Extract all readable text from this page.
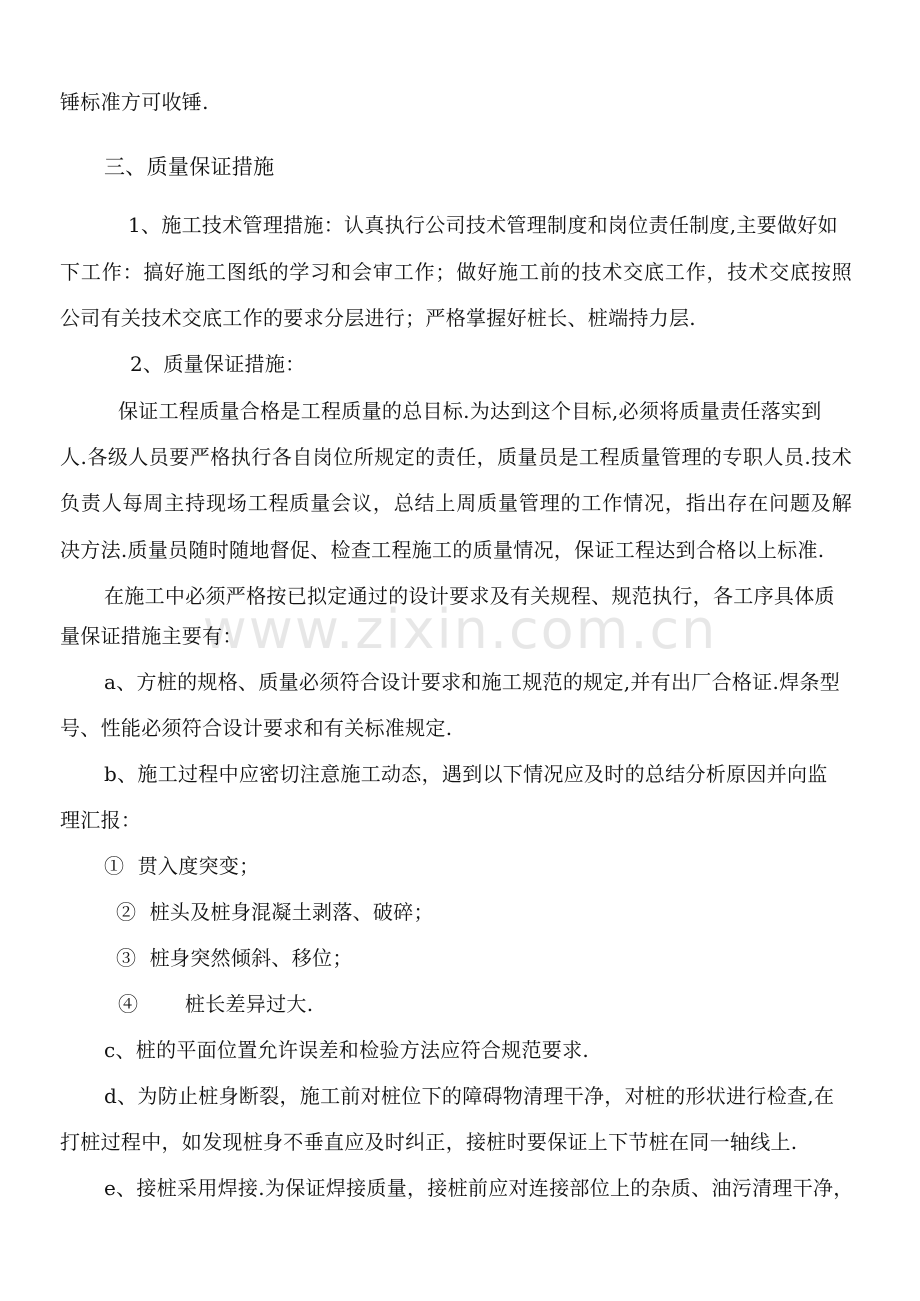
www.zixin.com.cn
锤标准方可收锤.
三、质量保证措施
1、施工技术管理措施：认真执行公司技术管理制度和岗位责任制度,主要做好如
下工作：搞好施工图纸的学习和会审工作；做好施工前的技术交底工作，技术交底按照
公司有关技术交底工作的要求分层进行；严格掌握好桩长、桩端持力层.
2、质量保证措施：
保证工程质量合格是工程质量的总目标.为达到这个目标,必须将质量责任落实到
人.各级人员要严格执行各自岗位所规定的责任，质量员是工程质量管理的专职人员.技术
负责人每周主持现场工程质量会议，总结上周质量管理的工作情况，指出存在问题及解
决方法.质量员随时随地督促、检查工程施工的质量情况，保证工程达到合格以上标准.
在施工中必须严格按已拟定通过的设计要求及有关规程、规范执行，各工序具体质
量保证措施主要有：
a、方桩的规格、质量必须符合设计要求和施工规范的规定,并有出厂合格证.焊条型
号、性能必须符合设计要求和有关标准规定.
b、施工过程中应密切注意施工动态，遇到以下情况应及时的总结分析原因并向监
理汇报：
①  贯入度突变；
②  桩头及桩身混凝土剥落、破碎；
③  桩身突然倾斜、移位；
④       桩长差异过大.
c、桩的平面位置允许误差和检验方法应符合规范要求.
d、为防止桩身断裂，施工前对桩位下的障碍物清理干净，对桩的形状进行检查,在
打桩过程中，如发现桩身不垂直应及时纠正，接桩时要保证上下节桩在同一轴线上.
e、接桩采用焊接.为保证焊接质量，接桩前应对连接部位上的杂质、油污清理干净，
